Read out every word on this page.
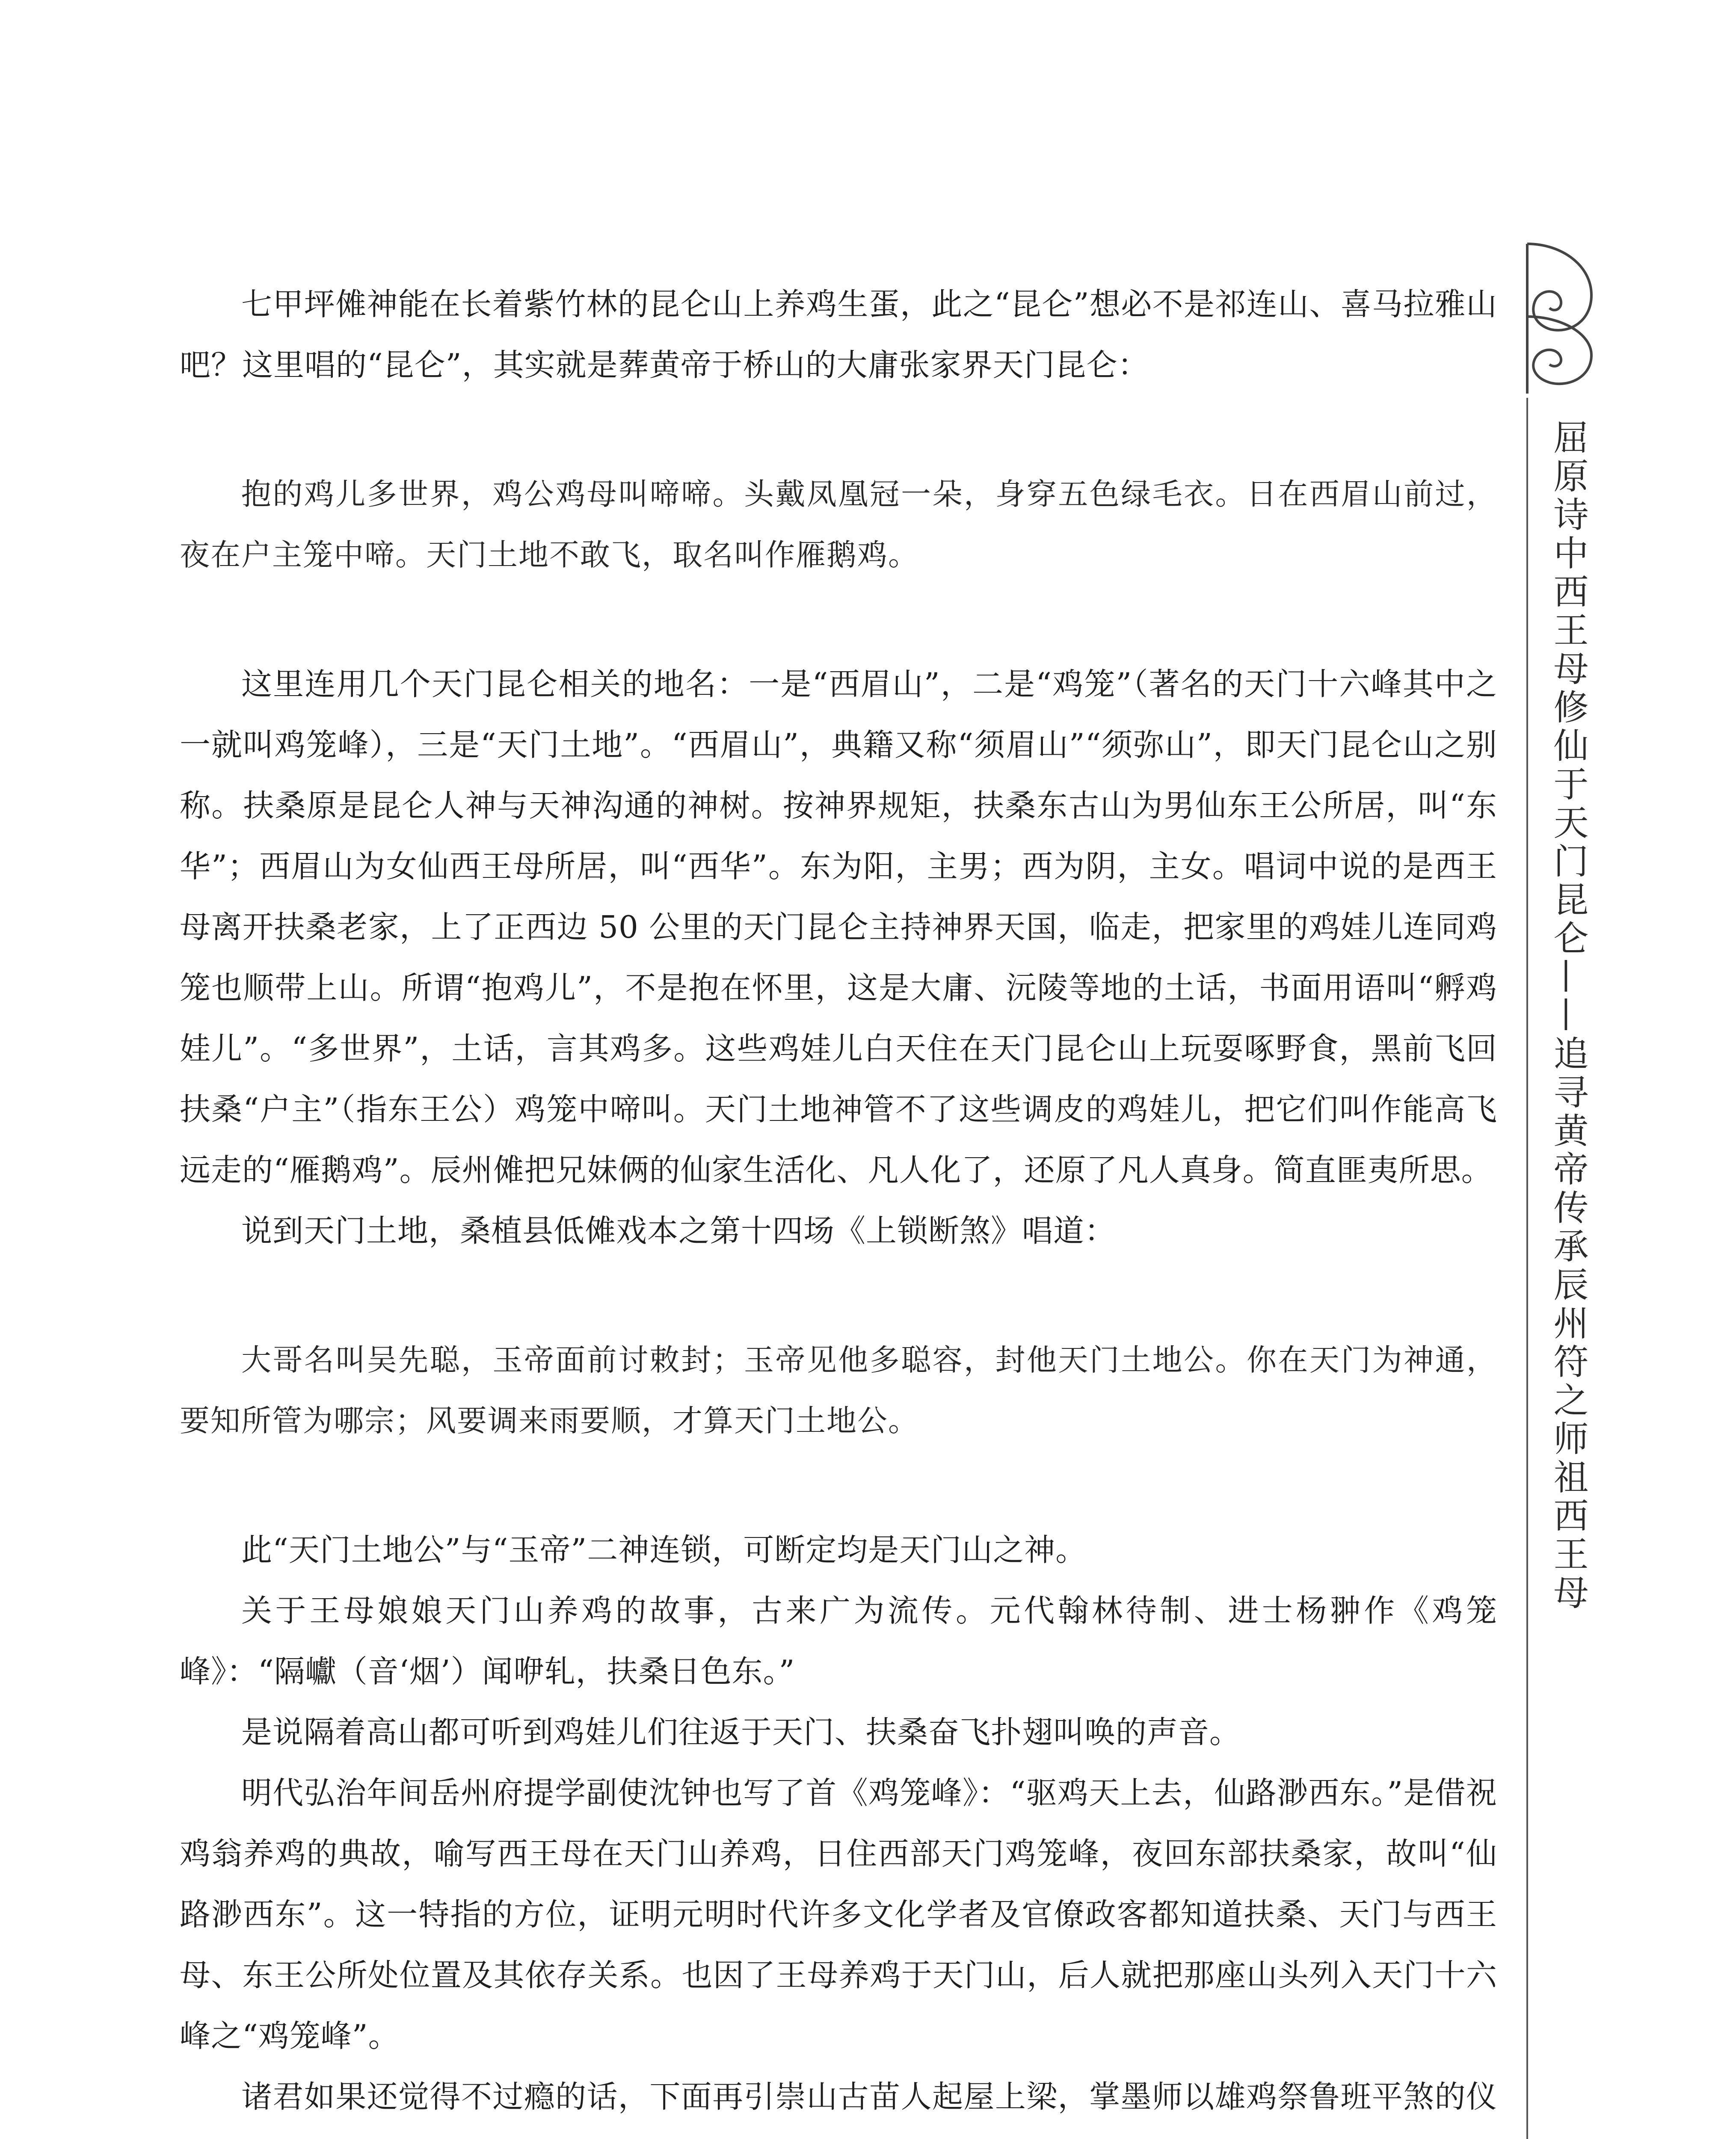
屈原诗中西王母修仙于天门昆仑——追寻黄帝传承辰州符之师祖西王母

七甲坪傩神能在长着紫竹林的昆仑山上养鸡生蛋，此之“昆仑”想必不是祁连山、喜马拉雅山吧？这里唱的“昆仑”，其实就是葬黄帝于桥山的大庸张家界天门昆仑：

抱的鸡儿多世界，鸡公鸡母叫啼啼。头戴凤凰冠一朵，身穿五色绿毛衣。日在西眉山前过，夜在户主笼中啼。天门土地不敢飞，取名叫作雁鹅鸡。

这里连用几个天门昆仑相关的地名：一是“西眉山”，二是“鸡笼”（著名的天门十六峰其中之一就叫鸡笼峰），三是“天门土地”。“西眉山”，典籍又称“须眉山”“须弥山”，即天门昆仑山之别称。扶桑原是昆仑人神与天神沟通的神树。按神界规矩，扶桑东古山为男仙东王公所居，叫“东华”；西眉山为女仙西王母所居，叫“西华”。东为阳，主男；西为阴，主女。唱词中说的是西王母离开扶桑老家，上了正西边 50 公里的天门昆仑主持神界天国，临走，把家里的鸡娃儿连同鸡笼也顺带上山。所谓“抱鸡儿”，不是抱在怀里，这是大庸、沅陵等地的土话，书面用语叫“孵鸡娃儿”。“多世界”，土话，言其鸡多。这些鸡娃儿白天住在天门昆仑山上玩耍啄野食，黑前飞回扶桑“户主”（指东王公）鸡笼中啼叫。天门土地神管不了这些调皮的鸡娃儿，把它们叫作能高飞远走的“雁鹅鸡”。辰州傩把兄妹俩的仙家生活化、凡人化了，还原了凡人真身。简直匪夷所思。

说到天门土地，桑植县低傩戏本之第十四场《上锁断煞》唱道：

大哥名叫吴先聪，玉帝面前讨敕封；玉帝见他多聪容，封他天门土地公。你在天门为神通，要知所管为哪宗；风要调来雨要顺，才算天门土地公。

此“天门土地公”与“玉帝”二神连锁，可断定均是天门山之神。

关于王母娘娘天门山养鸡的故事，古来广为流传。元代翰林待制、进士杨翀作《鸡笼峰》：“隔巘（音‘烟’）闻咿轧，扶桑日色东。”

是说隔着高山都可听到鸡娃儿们往返于天门、扶桑奋飞扑翅叫唤的声音。

明代弘治年间岳州府提学副使沈钟也写了首《鸡笼峰》：“驱鸡天上去，仙路渺西东。”是借祝鸡翁养鸡的典故，喻写西王母在天门山养鸡，日住西部天门鸡笼峰，夜回东部扶桑家，故叫“仙路渺西东”。这一特指的方位，证明元明时代许多文化学者及官僚政客都知道扶桑、天门与西王母、东王公所处位置及其依存关系。也因了王母养鸡于天门山，后人就把那座山头列入天门十六峰之“鸡笼峰”。

诸君如果还觉得不过瘾的话，下面再引崇山古苗人起屋上梁，掌墨师以雄鸡祭鲁班平煞的仪
